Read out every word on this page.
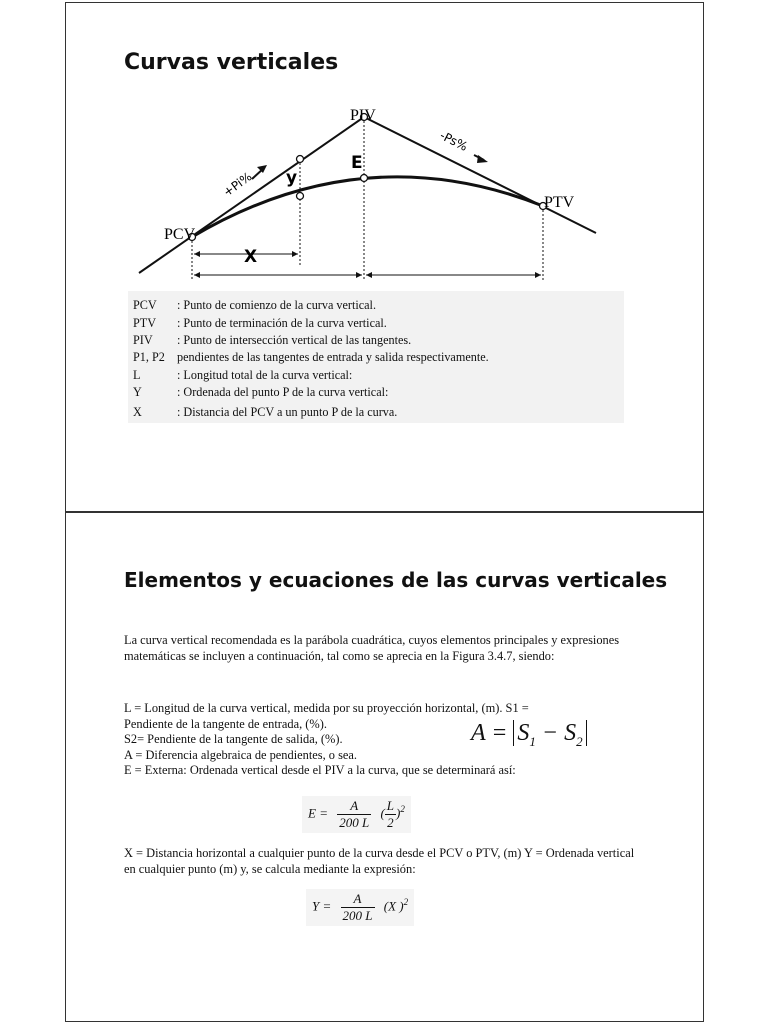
Curvas verticales
PIV
PTV
PCV
+Pi%
-Ps%
y
E
X
PCV : Punto de comienzo de la curva vertical.
PTV : Punto de terminación de la curva vertical.
PIV : Punto de intersección vertical de las tangentes.
P1, P2 pendientes de las tangentes de entrada y salida respectivamente.
L	: Longitud total de la curva vertical:
Y	: Ordenada del punto P de la curva vertical:
X	: Distancia del PCV a un punto P de la curva.
Elementos y ecuaciones de las curvas verticales

La curva vertical recomendada es la parábola cuadrática, cuyos elementos principales y expresiones matemáticas se incluyen a continuación, tal como se aprecia en la Figura 3.4.7, siendo:

L = Longitud de la curva vertical, medida por su proyección horizontal, (m). S1 =

Pendiente de la tangente de entrada, (%).

S2= Pendiente de la tangente de salida, (%).

A = Diferencia algebraica de pendientes, o sea.

E = Externa: Ordenada vertical desde el PIV a la curva, que se determinará así:

$A = S_1 - S_2$
$E = \frac{A}{200 L}$ ( $\frac{L}{2} )^2$

X = Distancia horizontal a cualquier punto de la curva desde el PCV o PTV, (m) Y = Ordenada vertical en cualquier punto (m) y, se calcula mediante la expresión:

$Y = \frac{A}{200 L} (X$ )$^2$
